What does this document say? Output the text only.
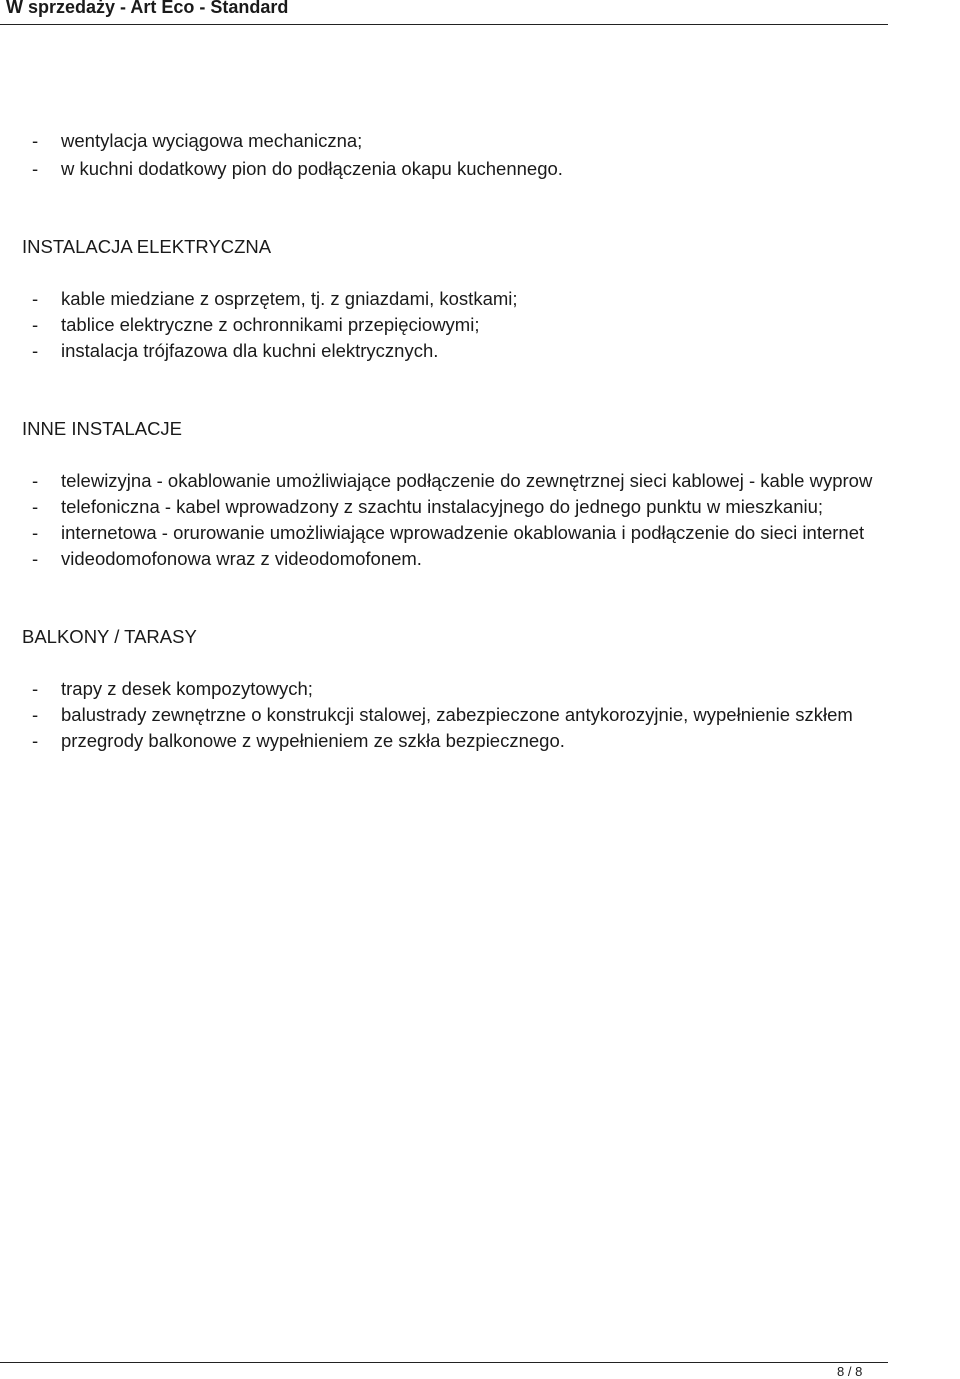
W sprzedaży - Art Eco - Standard
- wentylacja wyciągowa mechaniczna;
- w kuchni dodatkowy pion do podłączenia okapu kuchennego.
INSTALACJA ELEKTRYCZNA
- kable miedziane z osprzętem, tj. z gniazdami, kostkami;
- tablice elektryczne z ochronnikami przepięciowymi;
- instalacja trójfazowa dla kuchni elektrycznych.
INNE INSTALACJE
- telewizyjna - okablowanie umożliwiające podłączenie do zewnętrznej sieci kablowej - kable wyprow
- telefoniczna - kabel wprowadzony z szachtu instalacyjnego do jednego punktu w mieszkaniu;
- internetowa - orurowanie umożliwiające wprowadzenie okablowania i podłączenie do sieci internet
- videodomofonowa wraz z videodomofonem.
BALKONY / TARASY
- trapy z desek kompozytowych;
- balustrady zewnętrzne o konstrukcji stalowej, zabezpieczone antykorozyjnie, wypełnienie szkłem
- przegrody balkonowe z wypełnieniem ze szkła bezpiecznego.
8 / 8
